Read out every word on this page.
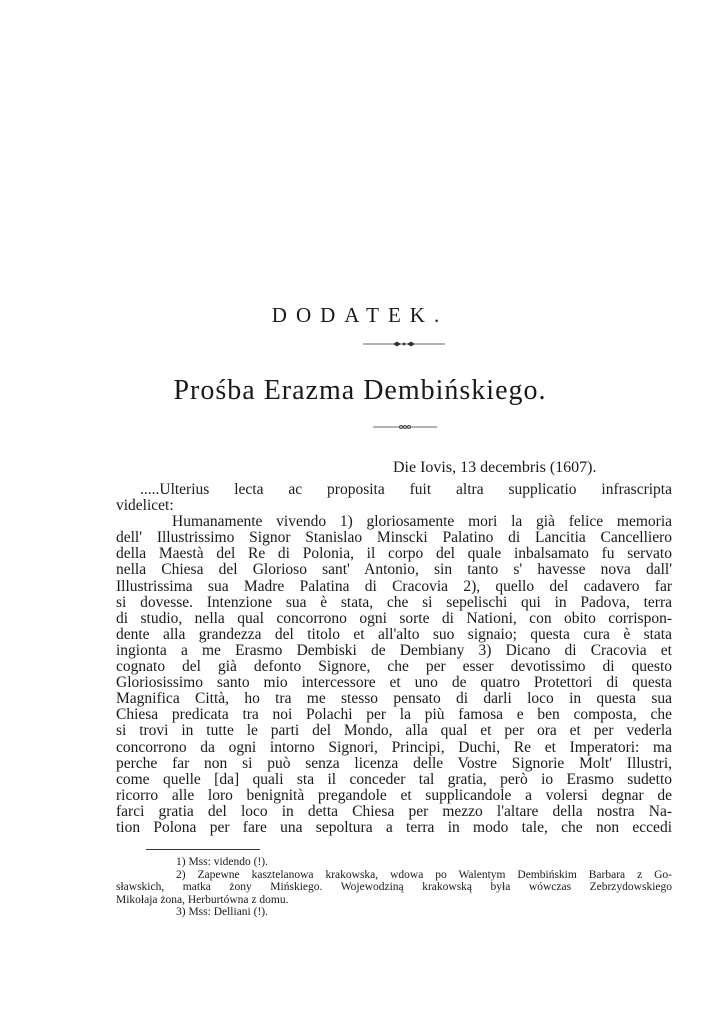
DODATEK.
Prośba Erazma Dembińskiego.
Die Iovis, 13 decembris (1607).
.....Ulterius lecta ac proposita fuit altra supplicatio infrascripta
videlicet:
Humanamente vivendo 1) gloriosamente mori la già felice memoria
dell' Illustrissimo Signor Stanislao Minscki Palatino di Lancitia Cancelliero
della Maestà del Re di Polonia, il corpo del quale inbalsamato fu servato
nella Chiesa del Glorioso sant' Antonio, sin tanto s' havesse nova dall'
Illustrissima sua Madre Palatina di Cracovia 2), quello del cadavero far
si dovesse. Intenzione sua è stata, che si sepelischi qui in Padova, terra
di studio, nella qual concorrono ogni sorte di Nationi, con obito corrispon-
dente alla grandezza del titolo et all'alto suo signaio; questa cura è stata
ingionta a me Erasmo Dembiski de Dembiany 3) Dicano di Cracovia et
cognato del già defonto Signore, che per esser devotissimo di questo
Gloriosissimo santo mio intercessore et uno de quatro Protettori di questa
Magnifica Città, ho tra me stesso pensato di darli loco in questa sua
Chiesa predicata tra noi Polachi per la più famosa e ben composta, che
si trovi in tutte le parti del Mondo, alla qual et per ora et per vederla
concorrono da ogni intorno Signori, Principi, Duchi, Re et Imperatori: ma
perche far non si può senza licenza delle Vostre Signorie Molt' Illustri,
come quelle [da] quali sta il conceder tal gratia, però io Erasmo sudetto
ricorro alle loro benignità pregandole et supplicandole a volersi degnar de
farci gratia del loco in detta Chiesa per mezzo l'altare della nostra Na-
tion Polona per fare una sepoltura a terra in modo tale, che non eccedi
1) Mss: videndo (!).
2) Zapewne kasztelanowa krakowska, wdowa po Walentym Dembińskim Barbara z Go-
sławskich, matka żony Mińskiego. Wojewodziną krakowską była wówczas Zebrzydowskiego
Mikołaja żona, Herburtówna z domu.
3) Mss: Delliani (!).
